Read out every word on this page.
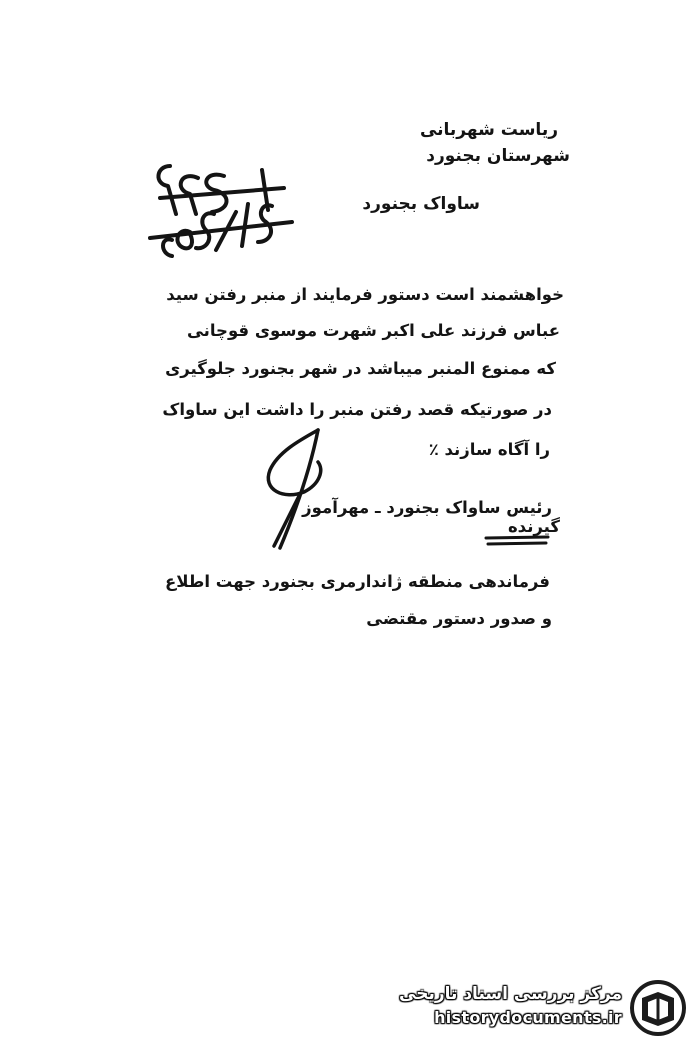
ریاست شهربانی
شهرستان بجنورد
ساواک بجنورد
خواهشمند است دستور فرمایند از منبر رفتن سید
عباس فرزند علی اکبر شهرت موسوی قوچانی
که ممنوع المنبر میباشد در شهر بجنورد جلوگیری
در صورتیکه قصد رفتن منبر را داشت این ساواک
را آگاه سازند ٪
رئیس ساواک بجنورد ـ مهرآموز
گیرنده
فرماندهی منطقه ژاندارمری بجنورد جهت اطلاع
و صدور دستور مقتضی
مرکز بررسی اسناد تاریخی
historydocuments.ir
